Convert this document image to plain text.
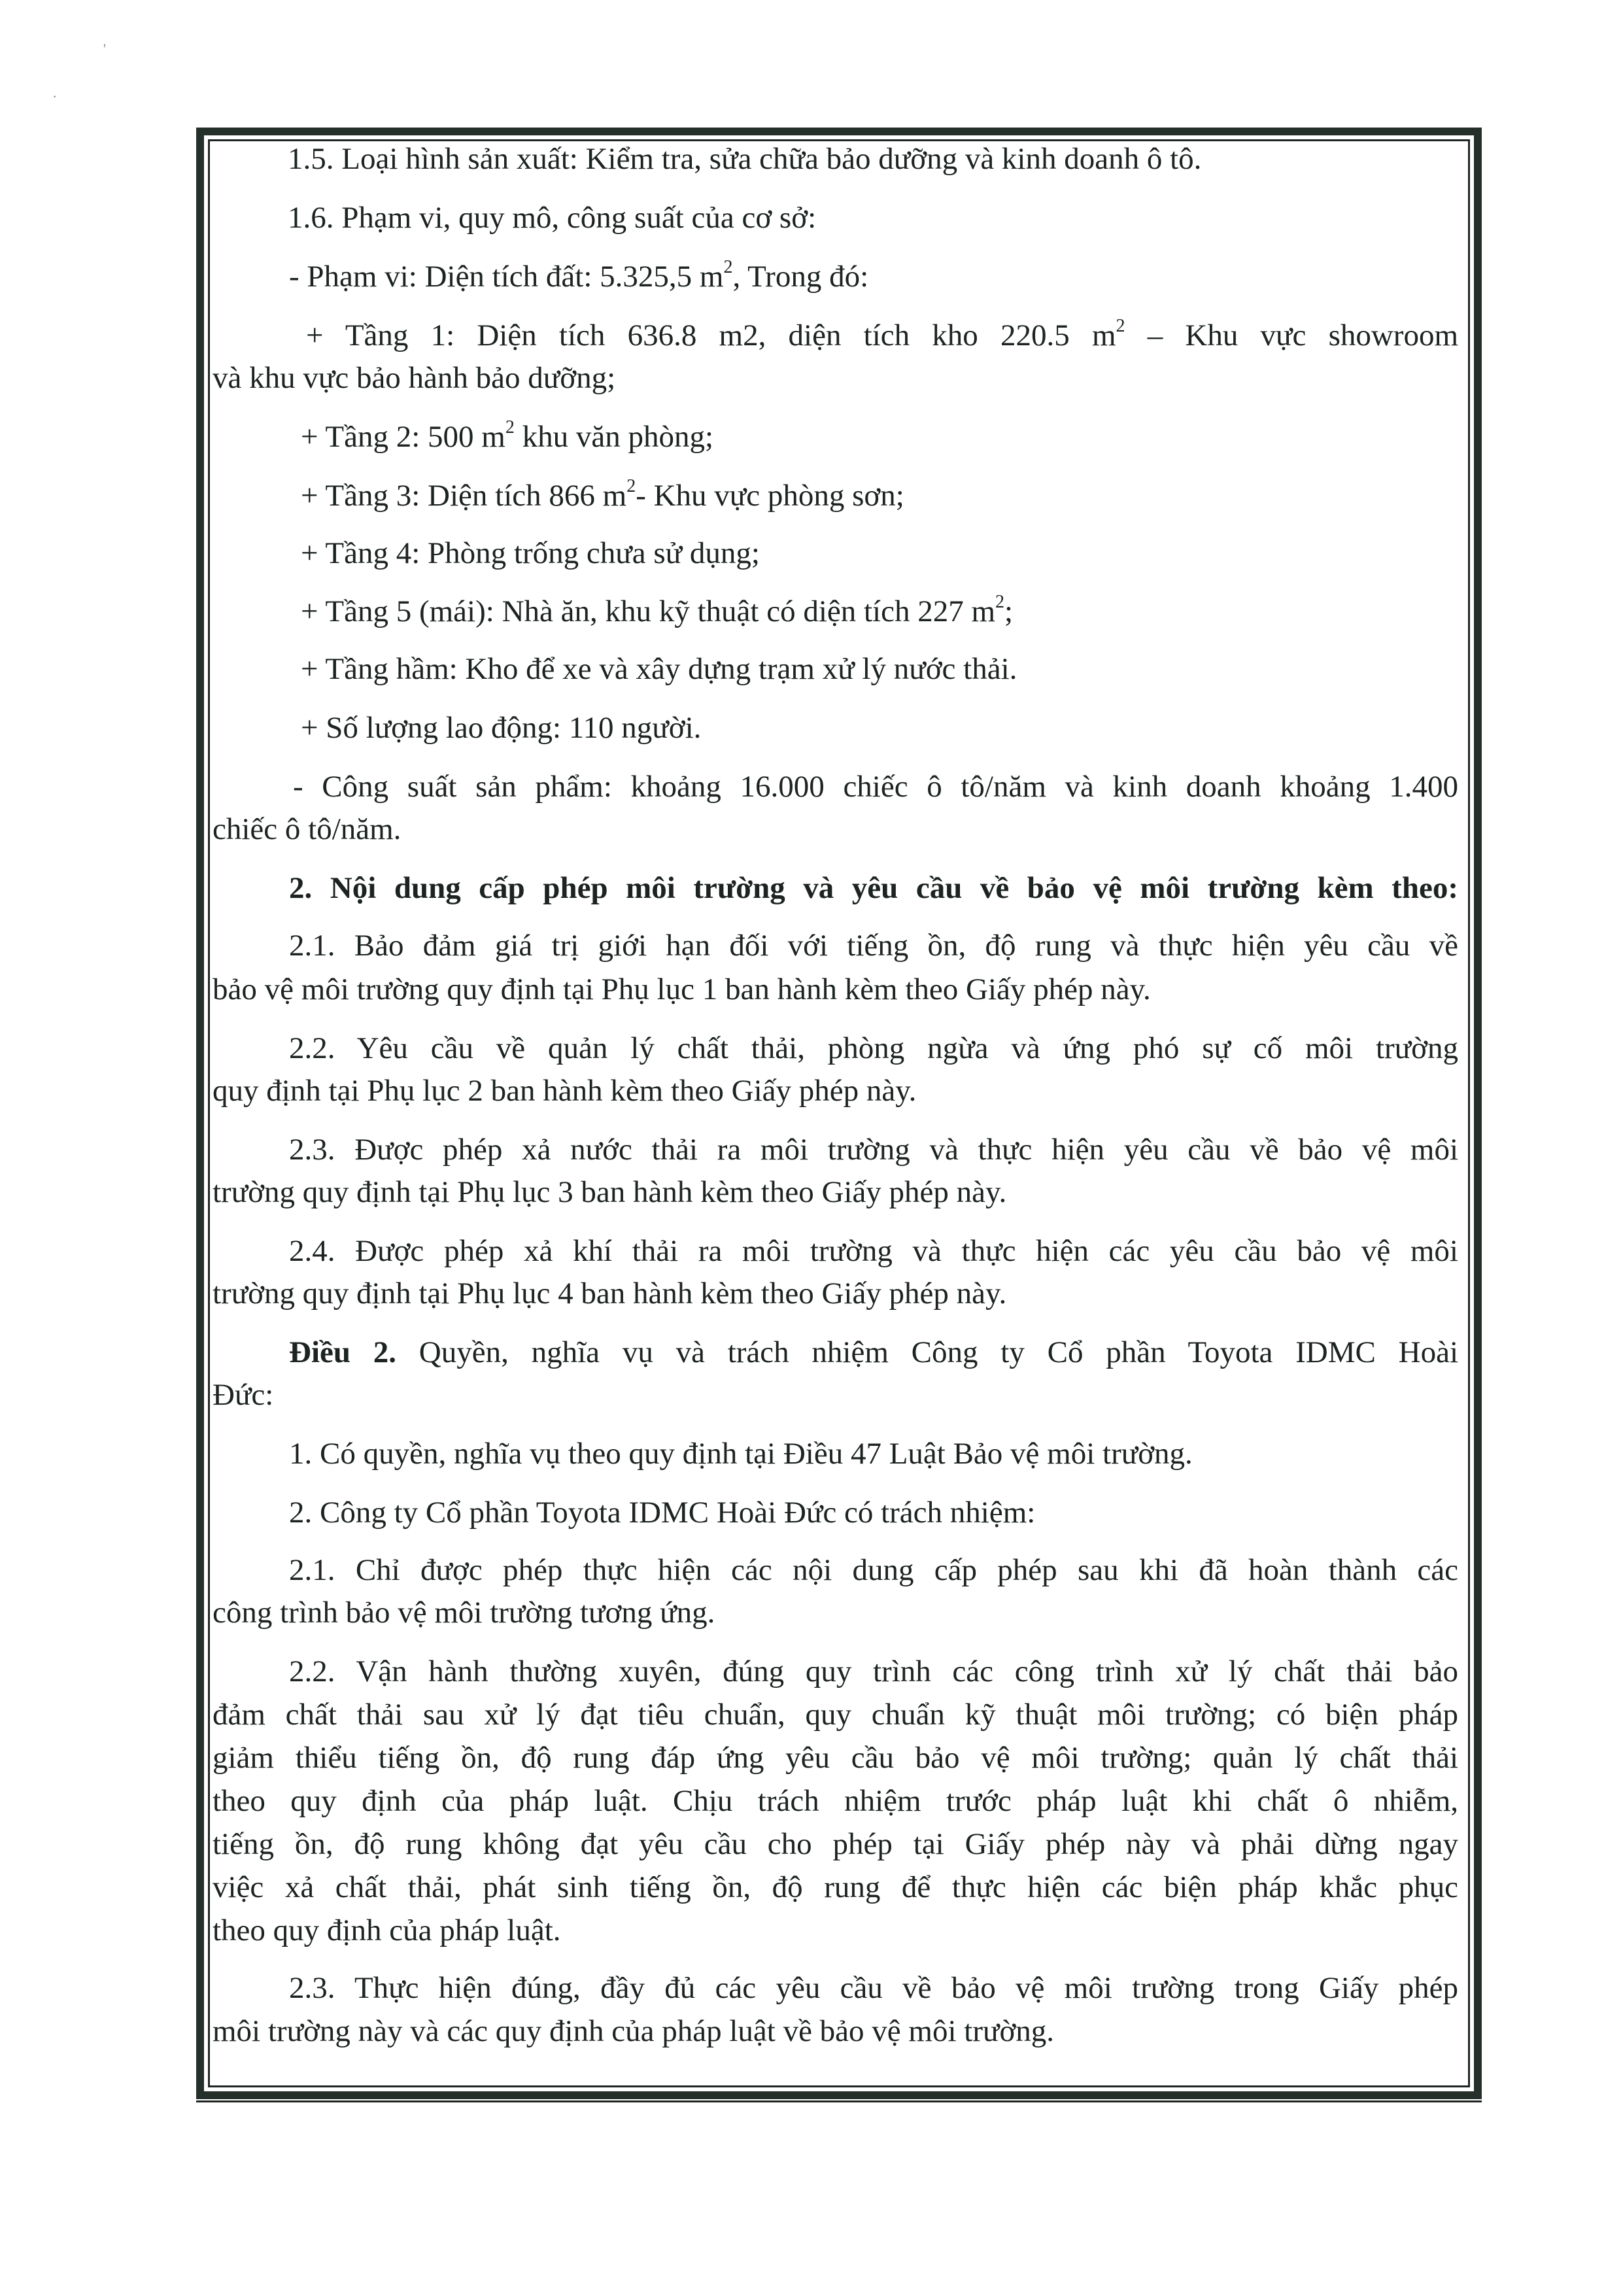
'
·
1.5. Loại hình sản xuất: Kiểm tra, sửa chữa bảo dưỡng và kinh doanh ô tô.
1.6. Phạm vi, quy mô, công suất của cơ sở:
- Phạm vi: Diện tích đất: 5.325,5 $m^2$, Trong đó:
+ Tầng 1: Diện tích 636.8 m2, diện tích kho 220.5 $m^2$ – Khu vực showroom
và khu vực bảo hành bảo dưỡng;
+ Tầng 2: 500 $m^2$ khu văn phòng;
+ Tầng 3: Diện tích 866 $m^2-$ Khu vực phòng sơn;
+ Tầng 4: Phòng trống chưa sử dụng;
+ Tầng 5 (mái): Nhà ăn, khu kỹ thuật có diện tích 227 $m^2$;
+ Tầng hầm: Kho để xe và xây dựng trạm xử lý nước thải.
+ Số lượng lao động: 110 người.
- Công suất sản phẩm: khoảng 16.000 chiếc ô tô/năm và kinh doanh khoảng 1.400
chiếc ô tô/năm.
2. Nội dung cấp phép môi trường và yêu cầu về bảo vệ môi trường kèm theo:
2.1. Bảo đảm giá trị giới hạn đối với tiếng ồn, độ rung và thực hiện yêu cầu về
bảo vệ môi trường quy định tại Phụ lục 1 ban hành kèm theo Giấy phép này.
2.2. Yêu cầu về quản lý chất thải, phòng ngừa và ứng phó sự cố môi trường
quy định tại Phụ lục 2 ban hành kèm theo Giấy phép này.
2.3. Được phép xả nước thải ra môi trường và thực hiện yêu cầu về bảo vệ môi
trường quy định tại Phụ lục 3 ban hành kèm theo Giấy phép này.
2.4. Được phép xả khí thải ra môi trường và thực hiện các yêu cầu bảo vệ môi
trường quy định tại Phụ lục 4 ban hành kèm theo Giấy phép này.
Điều 2. Quyền, nghĩa vụ và trách nhiệm Công ty Cổ phần Toyota IDMC Hoài
Đức:
1. Có quyền, nghĩa vụ theo quy định tại Điều 47 Luật Bảo vệ môi trường.
2. Công ty Cổ phần Toyota IDMC Hoài Đức có trách nhiệm:
2.1. Chỉ được phép thực hiện các nội dung cấp phép sau khi đã hoàn thành các
công trình bảo vệ môi trường tương ứng.
2.2. Vận hành thường xuyên, đúng quy trình các công trình xử lý chất thải bảo
đảm chất thải sau xử lý đạt tiêu chuẩn, quy chuẩn kỹ thuật môi trường; có biện pháp
giảm thiểu tiếng ồn, độ rung đáp ứng yêu cầu bảo vệ môi trường; quản lý chất thải
theo quy định của pháp luật. Chịu trách nhiệm trước pháp luật khi chất ô nhiễm,
tiếng ồn, độ rung không đạt yêu cầu cho phép tại Giấy phép này và phải dừng ngay
việc xả chất thải, phát sinh tiếng ồn, độ rung để thực hiện các biện pháp khắc phục
theo quy định của pháp luật.
2.3. Thực hiện đúng, đầy đủ các yêu cầu về bảo vệ môi trường trong Giấy phép
môi trường này và các quy định của pháp luật về bảo vệ môi trường.
